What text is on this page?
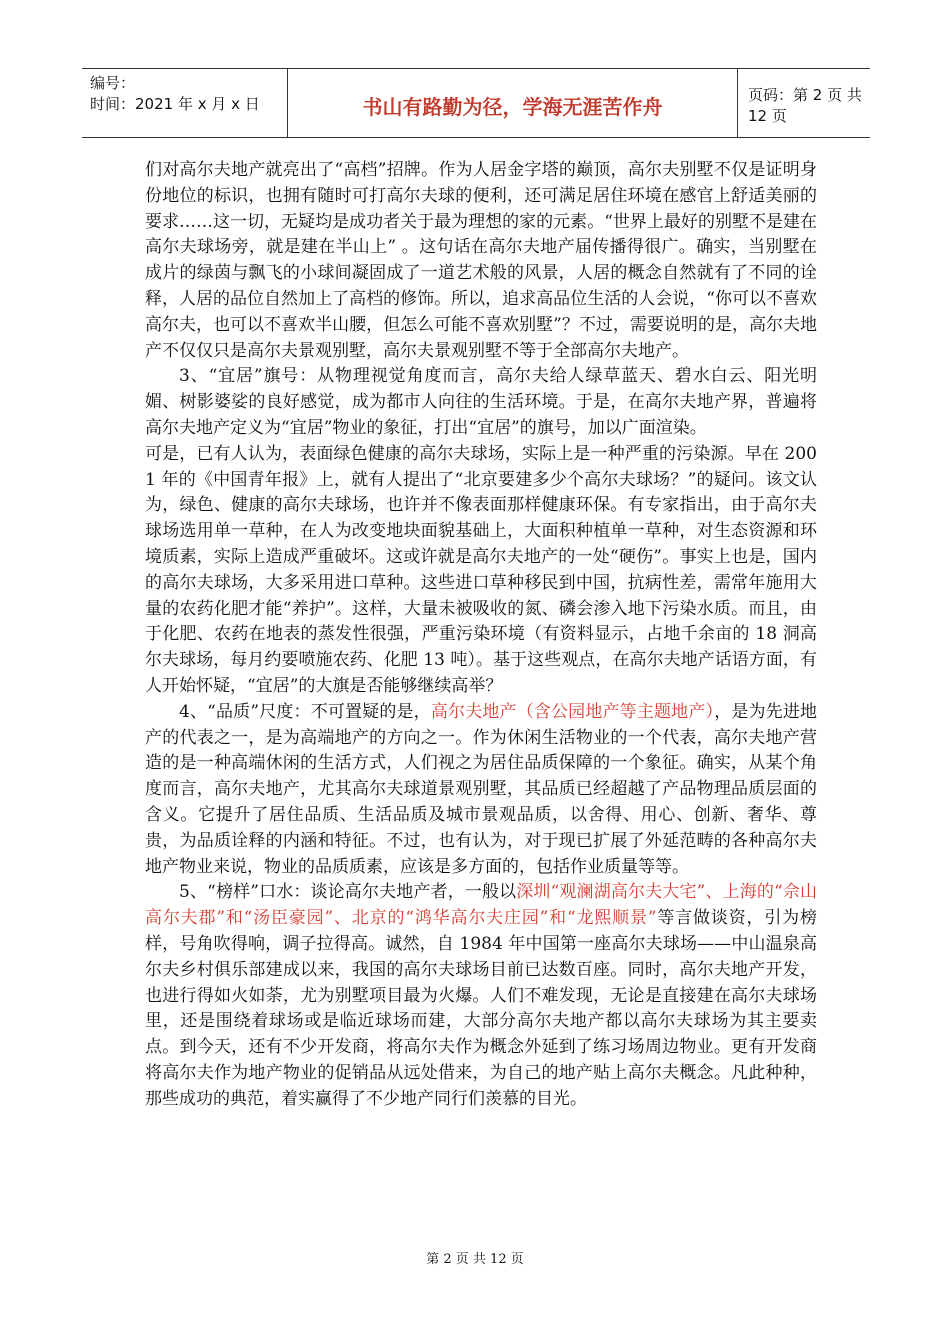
编号：
时间：2021 年 x 月 x 日	书山有路勤为径，学海无涯苦作舟	页码：第 2 页 共 12 页

们对高尔夫地产就亮出了“高档”招牌。作为人居金字塔的巅顶，高尔夫别墅不仅是证明身份地位的标识，也拥有随时可打高尔夫球的便利，还可满足居住环境在感官上舒适美丽的要求……这一切，无疑均是成功者关于最为理想的家的元素。“世界上最好的别墅不是建在高尔夫球场旁，就是建在半山上” 。这句话在高尔夫地产届传播得很广。确实，当别墅在成片的绿茵与飘飞的小球间凝固成了一道艺术般的风景，人居的概念自然就有了不同的诠释，人居的品位自然加上了高档的修饰。所以，追求高品位生活的人会说，“你可以不喜欢高尔夫，也可以不喜欢半山腰，但怎么可能不喜欢别墅”？不过，需要说明的是，高尔夫地产不仅仅只是高尔夫景观别墅，高尔夫景观别墅不等于全部高尔夫地产。

3、“宜居”旗号：从物理视觉角度而言，高尔夫给人绿草蓝天、碧水白云、阳光明媚、树影婆娑的良好感觉，成为都市人向往的生活环境。于是，在高尔夫地产界，普遍将高尔夫地产定义为“宜居”物业的象征，打出“宜居”的旗号，加以广面渲染。

可是，已有人认为，表面绿色健康的高尔夫球场，实际上是一种严重的污染源。早在 2001 年的《中国青年报》上，就有人提出了“北京要建多少个高尔夫球场？”的疑问。该文认为，绿色、健康的高尔夫球场，也许并不像表面那样健康环保。有专家指出，由于高尔夫球场选用单一草种，在人为改变地块面貌基础上，大面积种植单一草种，对生态资源和环境质素，实际上造成严重破坏。这或许就是高尔夫地产的一处“硬伤”。事实上也是，国内的高尔夫球场，大多采用进口草种。这些进口草种移民到中国，抗病性差，需常年施用大量的农药化肥才能“养护”。这样，大量未被吸收的氮、磷会渗入地下污染水质。而且，由于化肥、农药在地表的蒸发性很强，严重污染环境（有资料显示，占地千余亩的 18 洞高尔夫球场，每月约要喷施农药、化肥 13 吨）。基于这些观点，在高尔夫地产话语方面，有人开始怀疑，“宜居”的大旗是否能够继续高举？

4、“品质”尺度：不可置疑的是，高尔夫地产（含公园地产等主题地产），是为先进地产的代表之一，是为高端地产的方向之一。作为休闲生活物业的一个代表，高尔夫地产营造的是一种高端休闲的生活方式，人们视之为居住品质保障的一个象征。确实，从某个角度而言，高尔夫地产，尤其高尔夫球道景观别墅，其品质已经超越了产品物理品质层面的含义。它提升了居住品质、生活品质及城市景观品质，以舍得、用心、创新、奢华、尊贵，为品质诠释的内涵和特征。不过，也有认为，对于现已扩展了外延范畴的各种高尔夫地产物业来说，物业的品质质素，应该是多方面的，包括作业质量等等。

5、“榜样”口水：谈论高尔夫地产者，一般以深圳“观澜湖高尔夫大宅”、上海的“佘山高尔夫郡”和“汤臣豪园”、北京的“鸿华高尔夫庄园”和“龙熙顺景”等言做谈资，引为榜样，号角吹得响，调子拉得高。诚然，自 1984 年中国第一座高尔夫球场——中山温泉高尔夫乡村俱乐部建成以来，我国的高尔夫球场目前已达数百座。同时，高尔夫地产开发，也进行得如火如荼，尤为别墅项目最为火爆。人们不难发现，无论是直接建在高尔夫球场里，还是围绕着球场或是临近球场而建，大部分高尔夫地产都以高尔夫球场为其主要卖点。到今天，还有不少开发商，将高尔夫作为概念外延到了练习场周边物业。更有开发商将高尔夫作为地产物业的促销品从远处借来，为自己的地产贴上高尔夫概念。凡此种种，那些成功的典范，着实赢得了不少地产同行们羡慕的目光。

第 2 页 共 12 页
